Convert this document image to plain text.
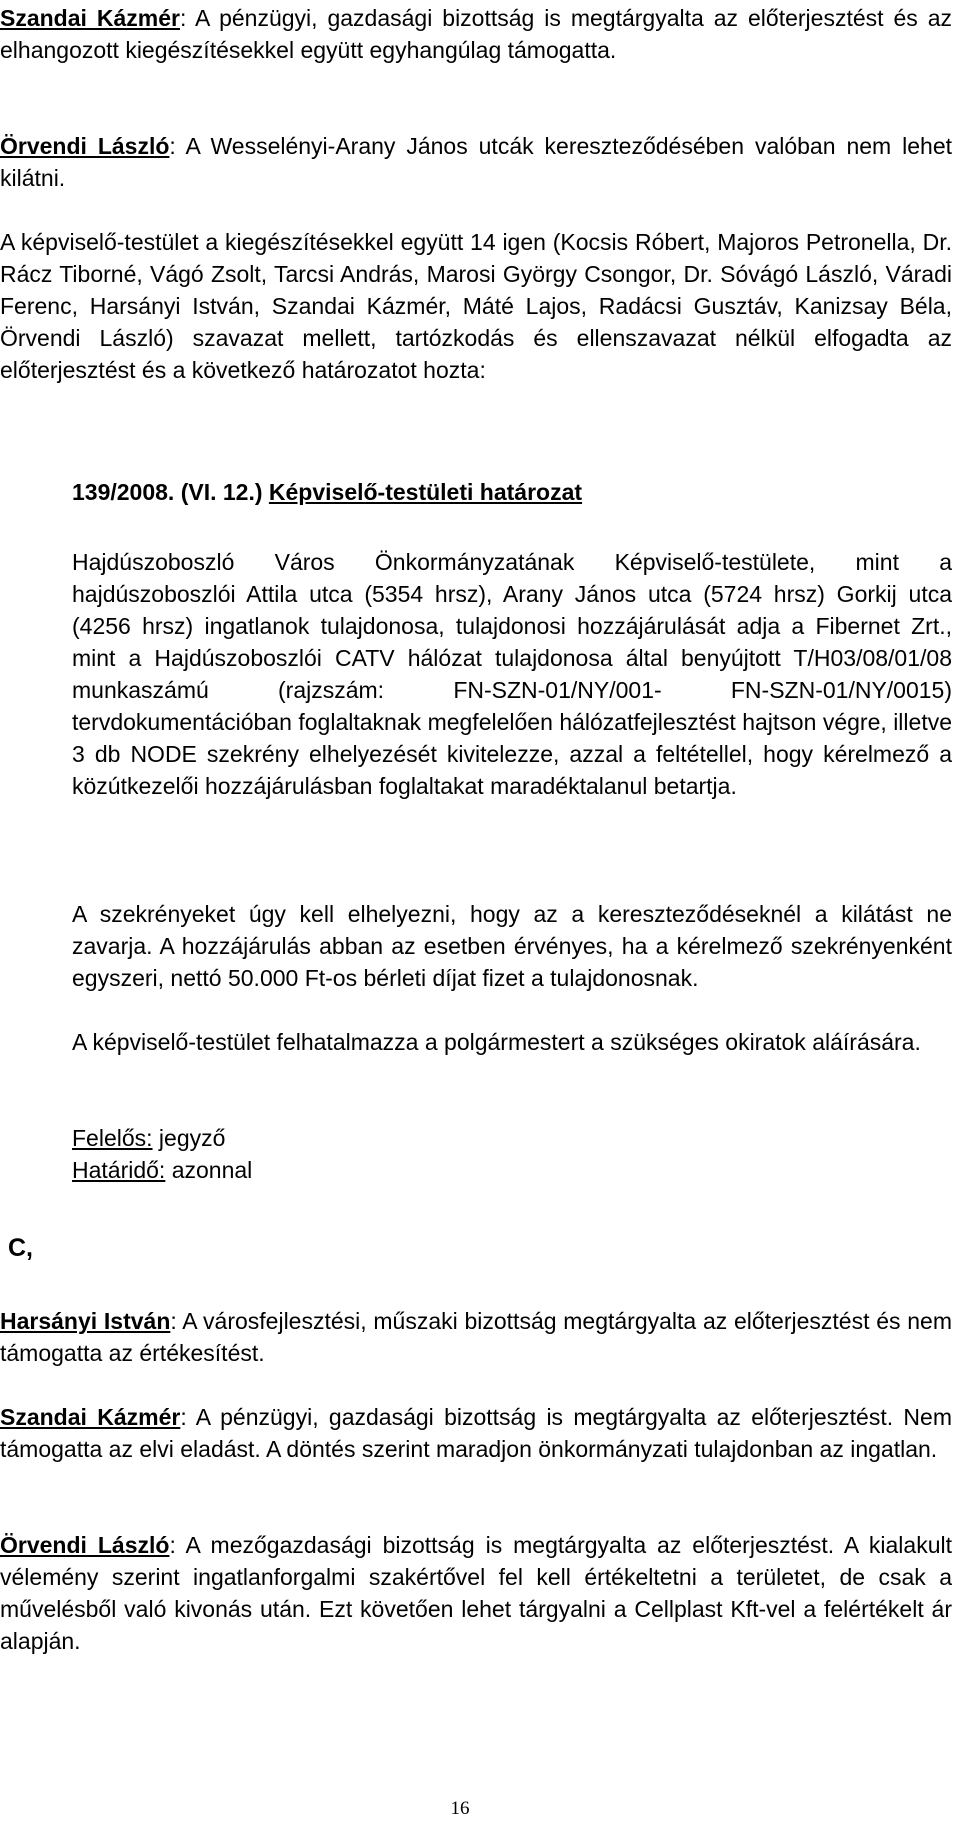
Szandai Kázmér: A pénzügyi, gazdasági bizottság is megtárgyalta az előterjesztést és az elhangozott kiegészítésekkel együtt egyhangúlag támogatta.

Örvendi László: A Wesselényi-Arany János utcák kereszteződésében valóban nem lehet kilátni.

A képviselő-testület a kiegészítésekkel együtt 14 igen (Kocsis Róbert, Majoros Petronella, Dr. Rácz Tiborné, Vágó Zsolt, Tarcsi András, Marosi György Csongor, Dr. Sóvágó László, Váradi Ferenc, Harsányi István, Szandai Kázmér, Máté Lajos, Radácsi Gusztáv, Kanizsay Béla, Örvendi László) szavazat mellett, tartózkodás és ellenszavazat nélkül elfogadta az előterjesztést és a következő határozatot hozta:

139/2008. (VI. 12.) Képviselő-testületi határozat

Hajdúszoboszló Város Önkormányzatának Képviselő-testülete, mint a hajdúszoboszlói Attila utca (5354 hrsz), Arany János utca (5724 hrsz) Gorkij utca (4256 hrsz) ingatlanok tulajdonosa, tulajdonosi hozzájárulását adja a Fibernet Zrt., mint a Hajdúszoboszlói CATV hálózat tulajdonosa által benyújtott T/H03/08/01/08 munkaszámú (rajzszám: FN-SZN-01/NY/001- FN-SZN-01/NY/0015) tervdokumentációban foglaltaknak megfelelően hálózatfejlesztést hajtson végre, illetve 3 db NODE szekrény elhelyezését kivitelezze, azzal a feltétellel, hogy kérelmező a közútkezelői hozzájárulásban foglaltakat maradéktalanul betartja.

A szekrényeket úgy kell elhelyezni, hogy az a kereszteződéseknél a kilátást ne zavarja. A hozzájárulás abban az esetben érvényes, ha a kérelmező szekrényenként egyszeri, nettó 50.000 Ft-os bérleti díjat fizet a tulajdonosnak.

A képviselő-testület felhatalmazza a polgármestert a szükséges okiratok aláírására.

Felelős: jegyző

Határidő: azonnal

C,

Harsányi István: A városfejlesztési, műszaki bizottság megtárgyalta az előterjesztést és nem támogatta az értékesítést.

Szandai Kázmér: A pénzügyi, gazdasági bizottság is megtárgyalta az előterjesztést. Nem támogatta az elvi eladást. A döntés szerint maradjon önkormányzati tulajdonban az ingatlan.

Örvendi László: A mezőgazdasági bizottság is megtárgyalta az előterjesztést. A kialakult vélemény szerint ingatlanforgalmi szakértővel fel kell értékeltetni a területet, de csak a művelésből való kivonás után. Ezt követően lehet tárgyalni a Cellplast Kft-vel a felértékelt ár alapján.

16
